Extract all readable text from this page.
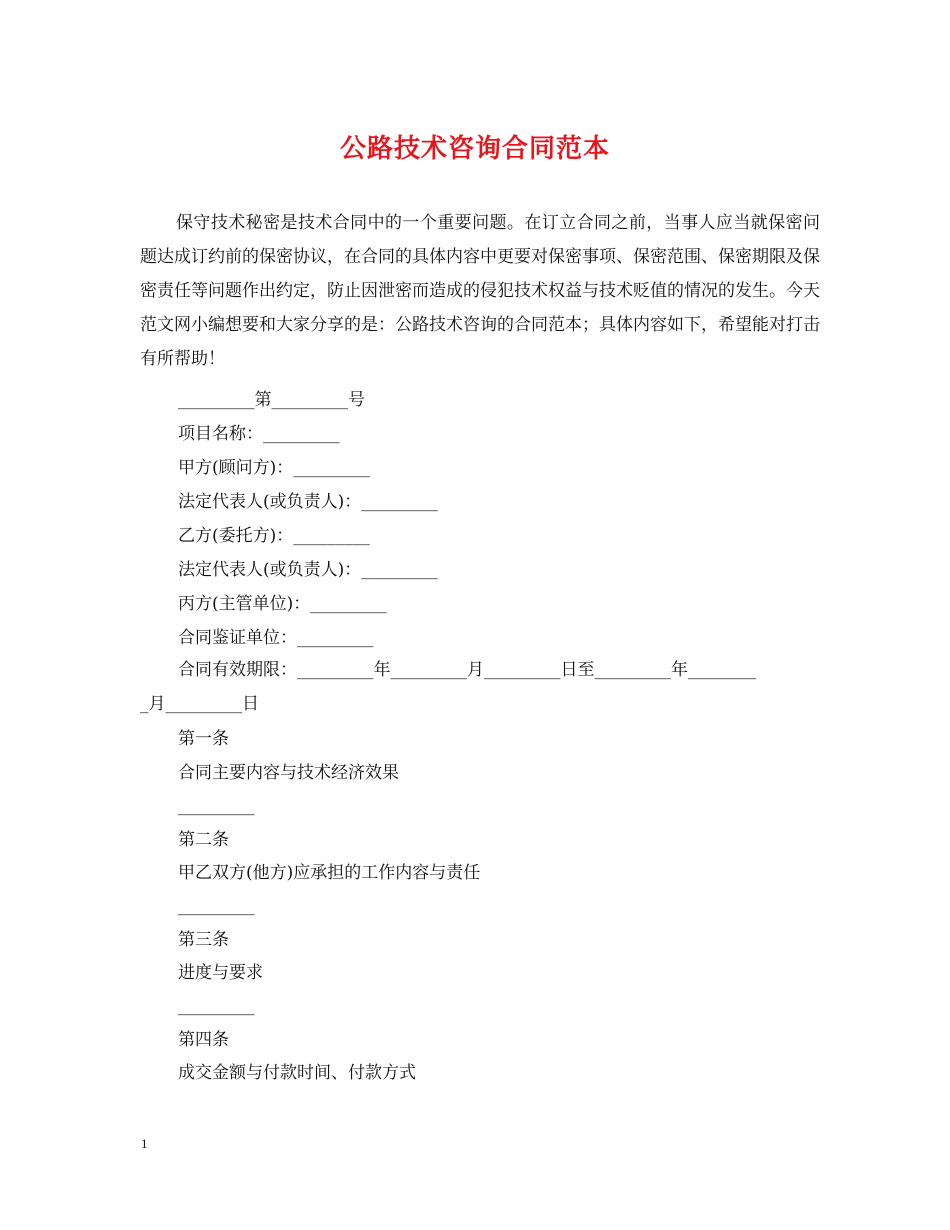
公路技术咨询合同范本
保守技术秘密是技术合同中的一个重要问题。在订立合同之前，当事人应当就保密问题达成订约前的保密协议，在合同的具体内容中更要对保密事项、保密范围、保密期限及保密责任等问题作出约定，防止因泄密而造成的侵犯技术权益与技术贬值的情况的发生。今天范文网小编想要和大家分享的是：公路技术咨询的合同范本；具体内容如下，希望能对打击有所帮助！
_________第_________号
项目名称：_________
甲方(顾问方)：_________
法定代表人(或负责人)：_________
乙方(委托方)：_________
法定代表人(或负责人)：_________
丙方(主管单位)：_________
合同鉴证单位：_________
合同有效期限：_________年_________月_________日至_________年________
_月_________日
第一条
合同主要内容与技术经济效果
_________
第二条
甲乙双方(他方)应承担的工作内容与责任
_________
第三条
进度与要求
_________
第四条
成交金额与付款时间、付款方式
1
